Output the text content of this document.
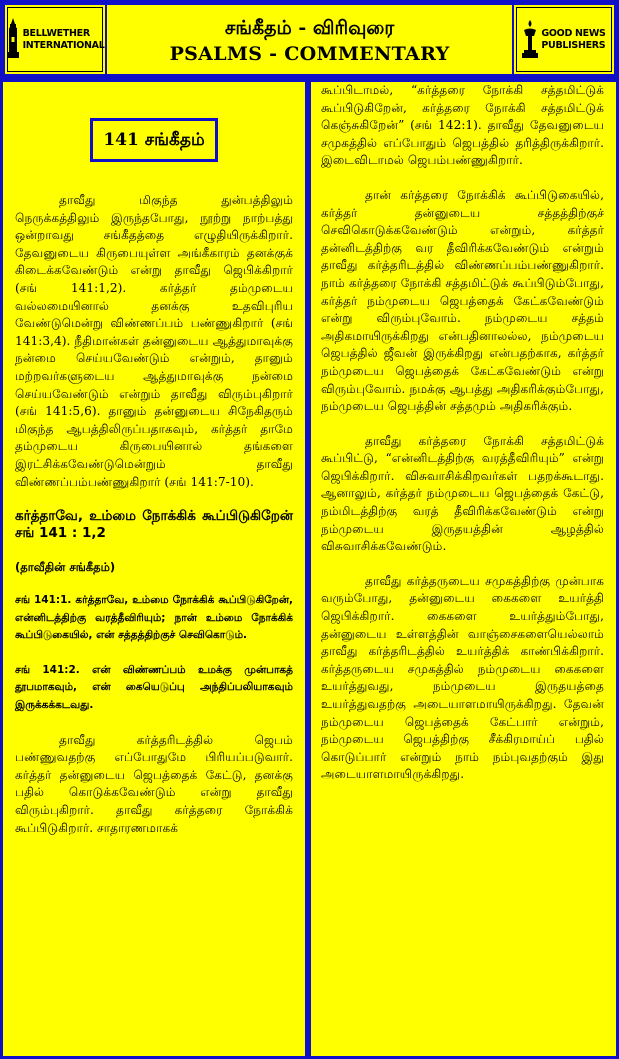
BELLWETHER
INTERNATIONAL
சங்கீதம் - விரிவுரை
PSALMS - COMMENTARY
GOOD NEWS
PUBLISHERS
141 சங்கீதம்

தாவீது மிகுந்த துன்பத்திலும் நெருக்கத்திலும் இருந்தபோது, நூற்று நாற்பத்து ஒன்றாவது சங்கீதத்தை எழுதியிருக்கிறார். தேவனுடைய கிருபையுள்ள அங்கீகாரம் தனக்குக் கிடைக்கவேண்டும் என்று தாவீது ஜெபிக்கிறார் (சங் 141:1,2). கர்த்தர் தம்முடைய வல்லமையினால் தனக்கு உதவிபுரிய வேண்டுமென்று விண்ணப்பம் பண்ணுகிறார் (சங் 141:3,4). நீதிமான்கள் தன்னுடைய ஆத்துமாவுக்கு நன்மை செய்யவேண்டும் என்றும், தானும் மற்றவர்களுடைய ஆத்துமாவுக்கு நன்மை செய்யவேண்டும் என்றும் தாவீது விரும்புகிறார் (சங் 141:5,6). தானும் தன்னுடைய சிநேகிதரும் மிகுந்த ஆபத்திலிருப்பதாகவும், கர்த்தர் தாமே தம்முடைய கிருபையினால் தங்களை இரட்சிக்கவேண்டுமென்றும் தாவீது விண்ணப்பம்பண்ணுகிறார் (சங் 141:7-10).

கர்த்தாவே, உம்மை நோக்கிக் கூப்பிடுகிறேன் சங் 141 : 1,2
(தாவீதின் சங்கீதம்)
சங் 141:1. கர்த்தாவே, உம்மை நோக்கிக் கூப்பிடுகிறேன், என்னிடத்திற்கு வரத்தீவிரியும்; நான் உம்மை நோக்கிக் கூப்பிடுகையில், என் சத்தத்திற்குச் செவிகொடும்.
சங் 141:2. என் விண்ணப்பம் உமக்கு முன்பாகத் தூபமாகவும், என் கையெடுப்பு அந்திப்பலியாகவும் இருக்கக்கடவது.

தாவீது கர்த்தரிடத்தில் ஜெபம் பண்ணுவதற்கு எப்போதுமே பிரியப்படுவார். கர்த்தர் தன்னுடைய ஜெபத்தைக் கேட்டு, தனக்கு பதில் கொடுக்கவேண்டும் என்று தாவீது விரும்புகிறார். தாவீது கர்த்தரை நோக்கிக் கூப்பிடுகிறார். சாதாரணமாகக்

கூப்பிடாமல், “கர்த்தரை நோக்கி சத்தமிட்டுக் கூப்பிடுகிறேன், கர்த்தரை நோக்கி சத்தமிட்டுக் கெஞ்சுகிறேன்” (சங் 142:1). தாவீது தேவனுடைய சமுகத்தில் எப்போதும் ஜெபத்தில் தரித்திருக்கிறார். இடைவிடாமல் ஜெபம்பண்ணுகிறார்.

தான் கர்த்தரை நோக்கிக் கூப்பிடுகையில், கர்த்தர் தன்னுடைய சத்தத்திற்குச் செவிகொடுக்கவேண்டும் என்றும், கர்த்தர் தன்னிடத்திற்கு வர தீவிரிக்கவேண்டும் என்றும் தாவீது கர்த்தரிடத்தில் விண்ணப்பம்பண்ணுகிறார். நாம் கர்த்தரை நோக்கி சத்தமிட்டுக் கூப்பிடும்போது, கர்த்தர் நம்முடைய ஜெபத்தைக் கேட்கவேண்டும் என்று விரும்புவோம். நம்முடைய சத்தம் அதிகமாயிருக்கிறது என்பதினாலல்ல, நம்முடைய ஜெபத்தில் ஜீவன் இருக்கிறது என்பதற்காக, கர்த்தர் நம்முடைய ஜெபத்தைக் கேட்கவேண்டும் என்று விரும்புவோம். நமக்கு ஆபத்து அதிகரிக்கும்போது, நம்முடைய ஜெபத்தின் சத்தமும் அதிகரிக்கும்.

தாவீது கர்த்தரை நோக்கி சத்தமிட்டுக் கூப்பிட்டு, “என்னிடத்திற்கு வரத்தீவிரியும்” என்று ஜெபிக்கிறார். விசுவாசிக்கிறவர்கள் பதறக்கூடாது. ஆனாலும், கர்த்தர் நம்முடைய ஜெபத்தைக் கேட்டு, நம்மிடத்திற்கு வரத் தீவிரிக்கவேண்டும் என்று நம்முடைய இருதயத்தின் ஆழத்தில் விசுவாசிக்கவேண்டும்.

தாவீது கர்த்தருடைய சமுகத்திற்கு முன்பாக வரும்போது, தன்னுடைய கைகளை உயர்த்தி ஜெபிக்கிறார். கைகளை உயர்த்தும்போது, தன்னுடைய உள்ளத்தின் வாஞ்சைகளையெல்லாம் தாவீது கர்த்தரிடத்தில் உயர்த்திக் காண்பிக்கிறார். கர்த்தருடைய சமுகத்தில் நம்முடைய கைகளை உயர்த்துவது, நம்முடைய இருதயத்தை உயர்த்துவதற்கு அடையாளமாயிருக்கிறது. தேவன் நம்முடைய ஜெபத்தைக் கேட்பார் என்றும், நம்முடைய ஜெபத்திற்கு சீக்கிரமாய்ப் பதில் கொடுப்பார் என்றும் நாம் நம்புவதற்கும் இது அடையாளமாயிருக்கிறது.
